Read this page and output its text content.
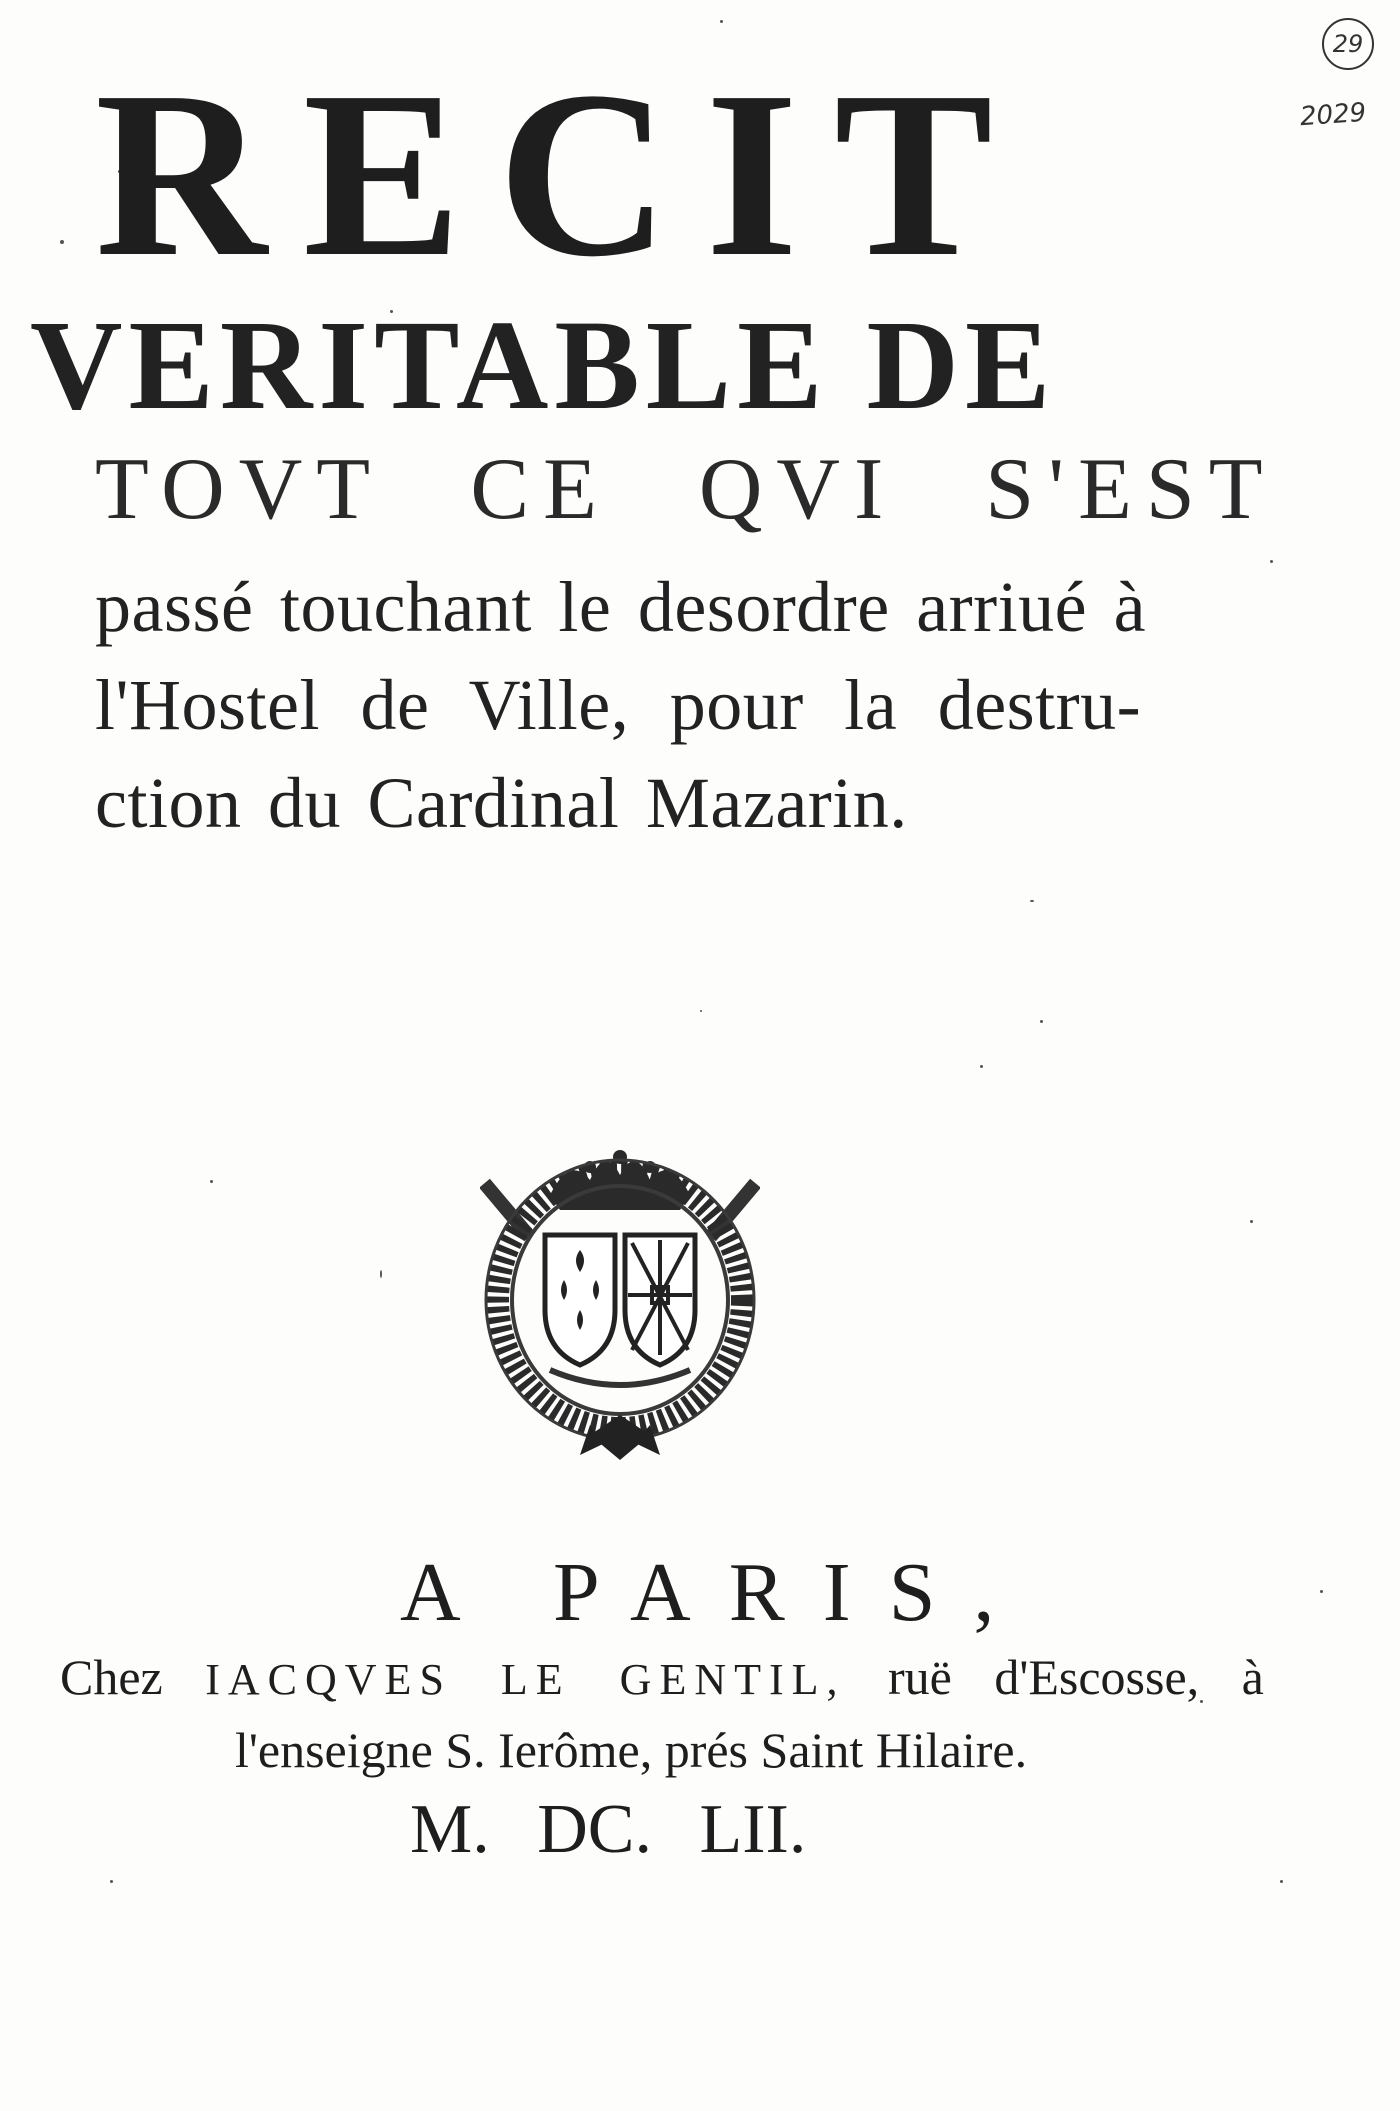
29
2029
RECIT
VERITABLE DE
TOVT CE QVI S'EST
passé touchant le desordre arriué à
l'Hostel de Ville, pour la destru-
ction du Cardinal Mazarin.
A PARIS,
Chez IACQVES LE GENTIL, ruë d'Escosse, à
l'enseigne S. Ierôme, prés Saint Hilaire.
M. DC. LII.
